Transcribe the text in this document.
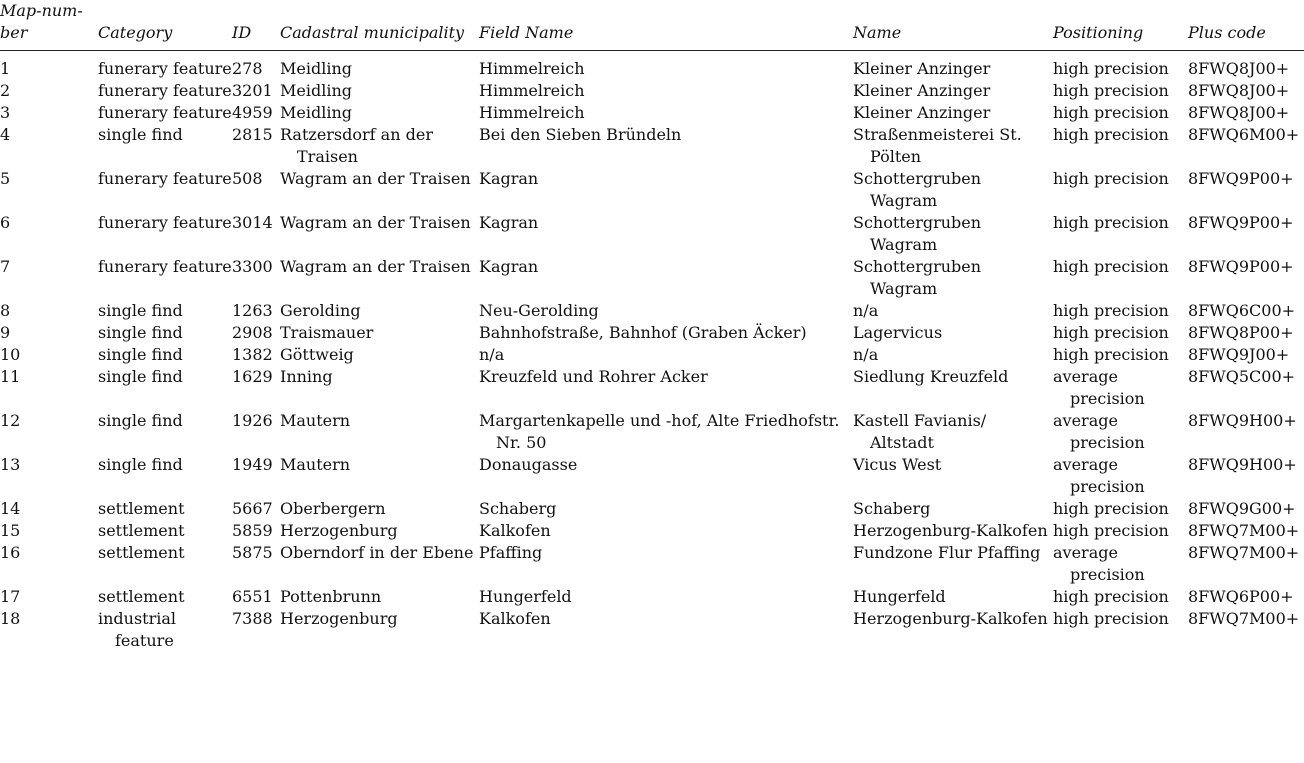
Map-num-
ber	Category	ID	Cadastral municipality	Field Name	Name	Positioning	Plus code
1	funerary feature	278	Meidling	Himmelreich	Kleiner Anzinger	high precision	8FWQ8J00+
2	funerary feature	3201	Meidling	Himmelreich	Kleiner Anzinger	high precision	8FWQ8J00+
3	funerary feature	4959	Meidling	Himmelreich	Kleiner Anzinger	high precision	8FWQ8J00+
4	single find	2815	Ratzersdorf an der Traisen	Bei den Sieben Bründeln	Straßenmeisterei St. Pölten	high precision	8FWQ6M00+
5	funerary feature	508	Wagram an der Traisen	Kagran	Schottergruben Wagram	high precision	8FWQ9P00+
6	funerary feature	3014	Wagram an der Traisen	Kagran	Schottergruben Wagram	high precision	8FWQ9P00+
7	funerary feature	3300	Wagram an der Traisen	Kagran	Schottergruben Wagram	high precision	8FWQ9P00+
8	single find	1263	Gerolding	Neu-Gerolding	n/a	high precision	8FWQ6C00+
9	single find	2908	Traismauer	Bahnhofstraße, Bahnhof (Graben Äcker)	Lagervicus	high precision	8FWQ8P00+
10	single find	1382	Göttweig	n/a	n/a	high precision	8FWQ9J00+
11	single find	1629	Inning	Kreuzfeld und Rohrer Acker	Siedlung Kreuzfeld	average precision	8FWQ5C00+
12	single find	1926	Mautern	Margartenkapelle und -hof, Alte Friedhofstr. Nr. 50	Kastell Favianis/ Altstadt	average precision	8FWQ9H00+
13	single find	1949	Mautern	Donaugasse	Vicus West	average precision	8FWQ9H00+
14	settlement	5667	Oberbergern	Schaberg	Schaberg	high precision	8FWQ9G00+
15	settlement	5859	Herzogenburg	Kalkofen	Herzogenburg-Kalkofen	high precision	8FWQ7M00+
16	settlement	5875	Oberndorf in der Ebene	Pfaffing	Fundzone Flur Pfaffing	average precision	8FWQ7M00+
17	settlement	6551	Pottenbrunn	Hungerfeld	Hungerfeld	high precision	8FWQ6P00+
18	industrial feature	7388	Herzogenburg	Kalkofen	Herzogenburg-Kalkofen	high precision	8FWQ7M00+
